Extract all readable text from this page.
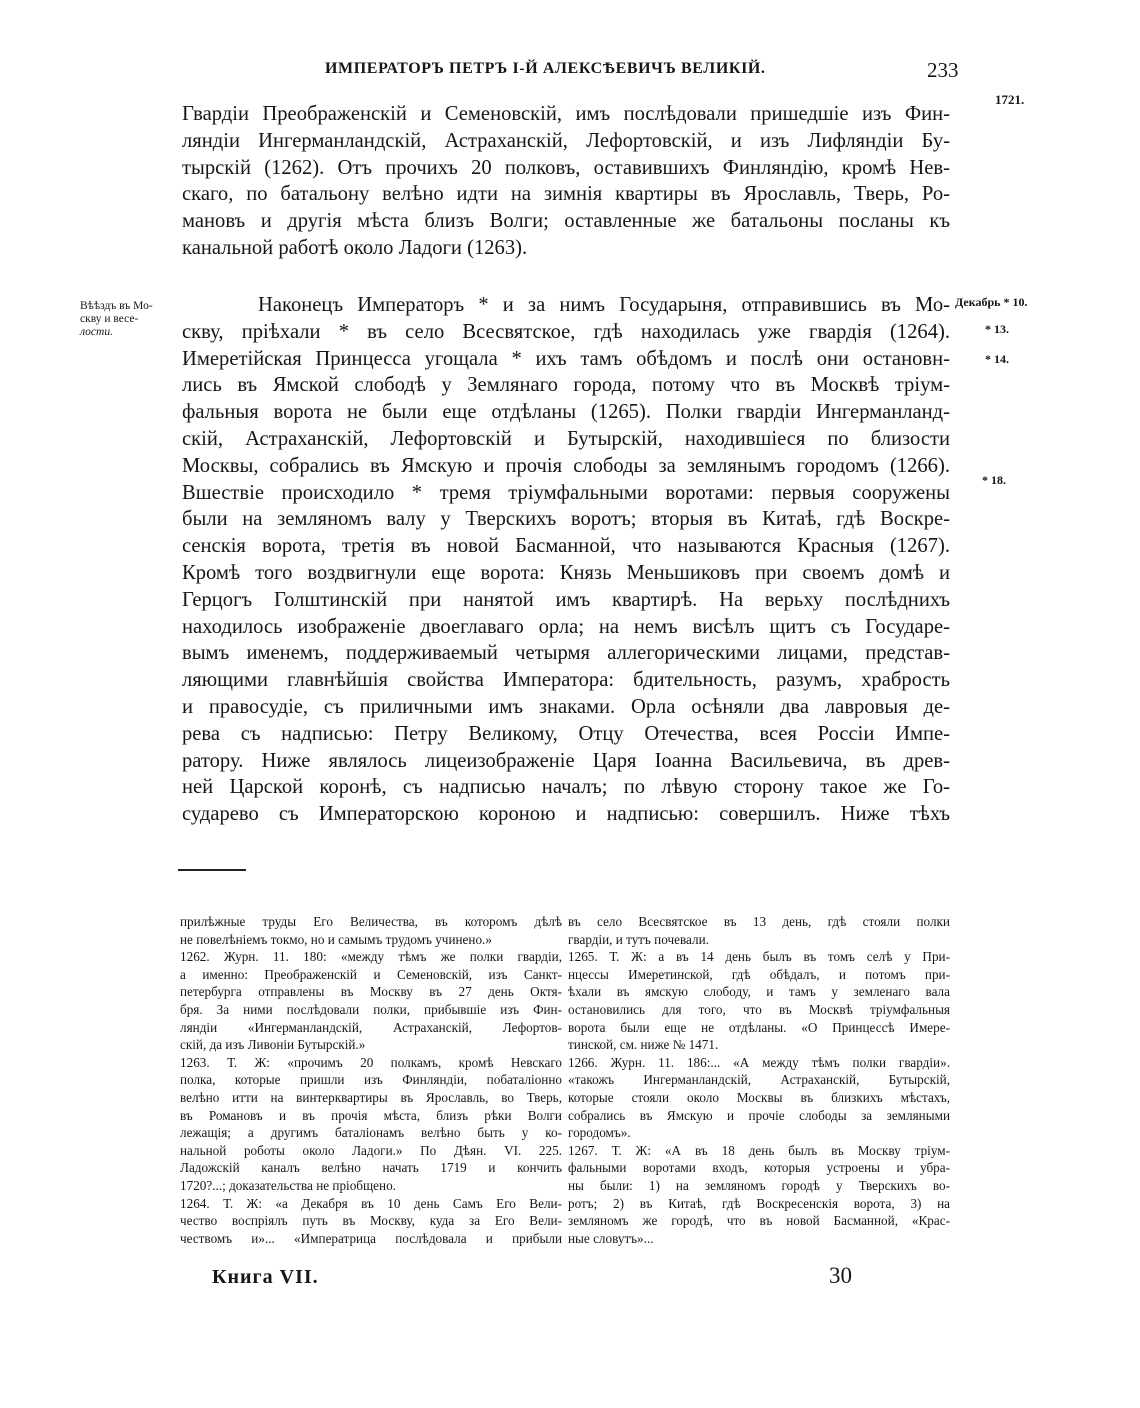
ИМПЕРАТОРЪ ПЕТРЪ I-Й АЛЕКСѢЕВИЧЪ ВЕЛИКІЙ.	233
1721.
Гвардіи Преображенскій и Семеновскій, имъ послѣдовали пришедшіе изъ Фин-
ляндіи Ингерманландскій, Астраханскій, Лефортовскій, и изъ Лифляндіи Бу-
тырскій (1262). Отъ прочихъ 20 полковъ, оставившихъ Финляндію, кромѣ Нев-
скаго, по батальону велѣно идти на зимнія квартиры въ Ярославль, Тверь, Ро-
мановъ и другія мѣста близъ Волги; оставленные же батальоны посланы къ
канальной работѣ около Ладоги (1263).
Вѣѣздъ въ Мо-
скву и весе-
лости.
Декабрь * 10.
* 13.
* 14.
* 18.
Наконецъ Императоръ * и за нимъ Государыня, отправившись въ Мо-
скву, пріѣхали * въ село Всесвятское, гдѣ находилась уже гвардія (1264).
Имеретійская Принцесса угощала * ихъ тамъ обѣдомъ и послѣ они остановн-
лись въ Ямской слободѣ у Землянаго города, потому что въ Москвѣ тріум-
фальныя ворота не были еще отдѣланы (1265). Полки гвардіи Ингерманланд-
скій, Астраханскій, Лефортовскій и Бутырскій, находившіеся по близости
Москвы, собрались въ Ямскую и прочія слободы за землянымъ городомъ (1266).
Вшествіе происходило * тремя тріумфальными воротами: первыя сооружены
были на земляномъ валу у Тверскихъ воротъ; вторыя въ Китаѣ, гдѣ Воскре-
сенскія ворота, третія въ новой Басманной, что называются Красныя (1267).
Кромѣ того воздвигнули еще ворота: Князь Меньшиковъ при своемъ домѣ и
Герцогъ Голштинскій при нанятой имъ квартирѣ. На верьху послѣднихъ
находилось изображеніе двоеглаваго орла; на немъ висѣлъ щитъ съ Государе-
вымъ именемъ, поддерживаемый четырмя аллегорическими лицами, представ-
ляющими главнѣйшія свойства Императора: бдительность, разумъ, храбрость
и правосудіе, съ приличными имъ знаками. Орла осѣняли два лавровыя де-
рева съ надписью: Петру Великому, Отцу Отечества, всея Россіи Импе-
ратору. Ниже являлось лицеизображеніе Царя Іоанна Васильевича, въ древ-
ней Царской коронѣ, съ надписью началъ; по лѣвую сторону такое же Го-
сударево съ Императорскою короною и надписью: совершилъ. Ниже тѣхъ
прилѣжные труды Его Величества, въ которомъ дѣлѣ
не повелѣніемъ токмо, но и самымъ трудомъ учинено.»
1262. Журн. 11. 180: «между тѣмъ же полки гвардіи,
а именно: Преображенскій и Семеновскій, изъ Санкт-
петербурга отправлены въ Москву въ 27 день Октя-
бря. За ними послѣдовали полки, прибывшіе изъ Фин-
ляндіи «Ингерманландскій, Астраханскій, Лефортов-
скій, да изъ Ливоніи Бутырскій.»
1263. Т. Ж: «прочимъ 20 полкамъ, кромѣ Невскаго
полка, которые пришли изъ Финляндіи, побаталіонно
велѣно итти на винтерквартиры въ Ярославль, во Тверь,
въ Романовъ и въ прочія мѣста, близъ рѣки Волги
лежащія; а другимъ баталіонамъ велѣно быть у ко-
нальной роботы около Ладоги.» По Дѣян. VI. 225.
Ладожскій каналъ велѣно начать 1719 и кончить
1720?...; доказательства не пріобщено.
1264. Т. Ж: «а Декабря въ 10 день Самъ Его Вели-
чество воспріялъ путь въ Москву, куда за Его Вели-
чествомъ и»... «Императрица послѣдовала и прибыли
въ село Всесвятское въ 13 день, гдѣ стояли полки
гвардіи, и тутъ почевали.
1265. Т. Ж: а въ 14 день былъ въ томъ селѣ у При-
нцессы Имеретинской, гдѣ обѣдалъ, и потомъ при-
ѣхали въ ямскую слободу, и тамъ у земленаго вала
остановились для того, что въ Москвѣ тріумфальныя
ворота были еще не отдѣланы. «О Принцессѣ Имере-
тинской, см. ниже № 1471.
1266. Журн. 11. 186:... «А между тѣмъ полки гвардіи».
«такожъ Ингерманландскій, Астраханскій, Бутырскій,
которые стояли около Москвы въ близкихъ мѣстахъ,
собрались въ Ямскую и прочіе слободы за земляными
городомъ».
1267. Т. Ж: «А въ 18 день былъ въ Москву тріум-
фальными воротами входъ, которыя устроены и убра-
ны были: 1) на земляномъ городѣ у Тверскихъ во-
ротъ; 2) въ Китаѣ, гдѣ Воскресенскія ворота, 3) на
земляномъ же городѣ, что въ новой Басманной, «Крас-
ные словутъ»...
Книга VII.	30
